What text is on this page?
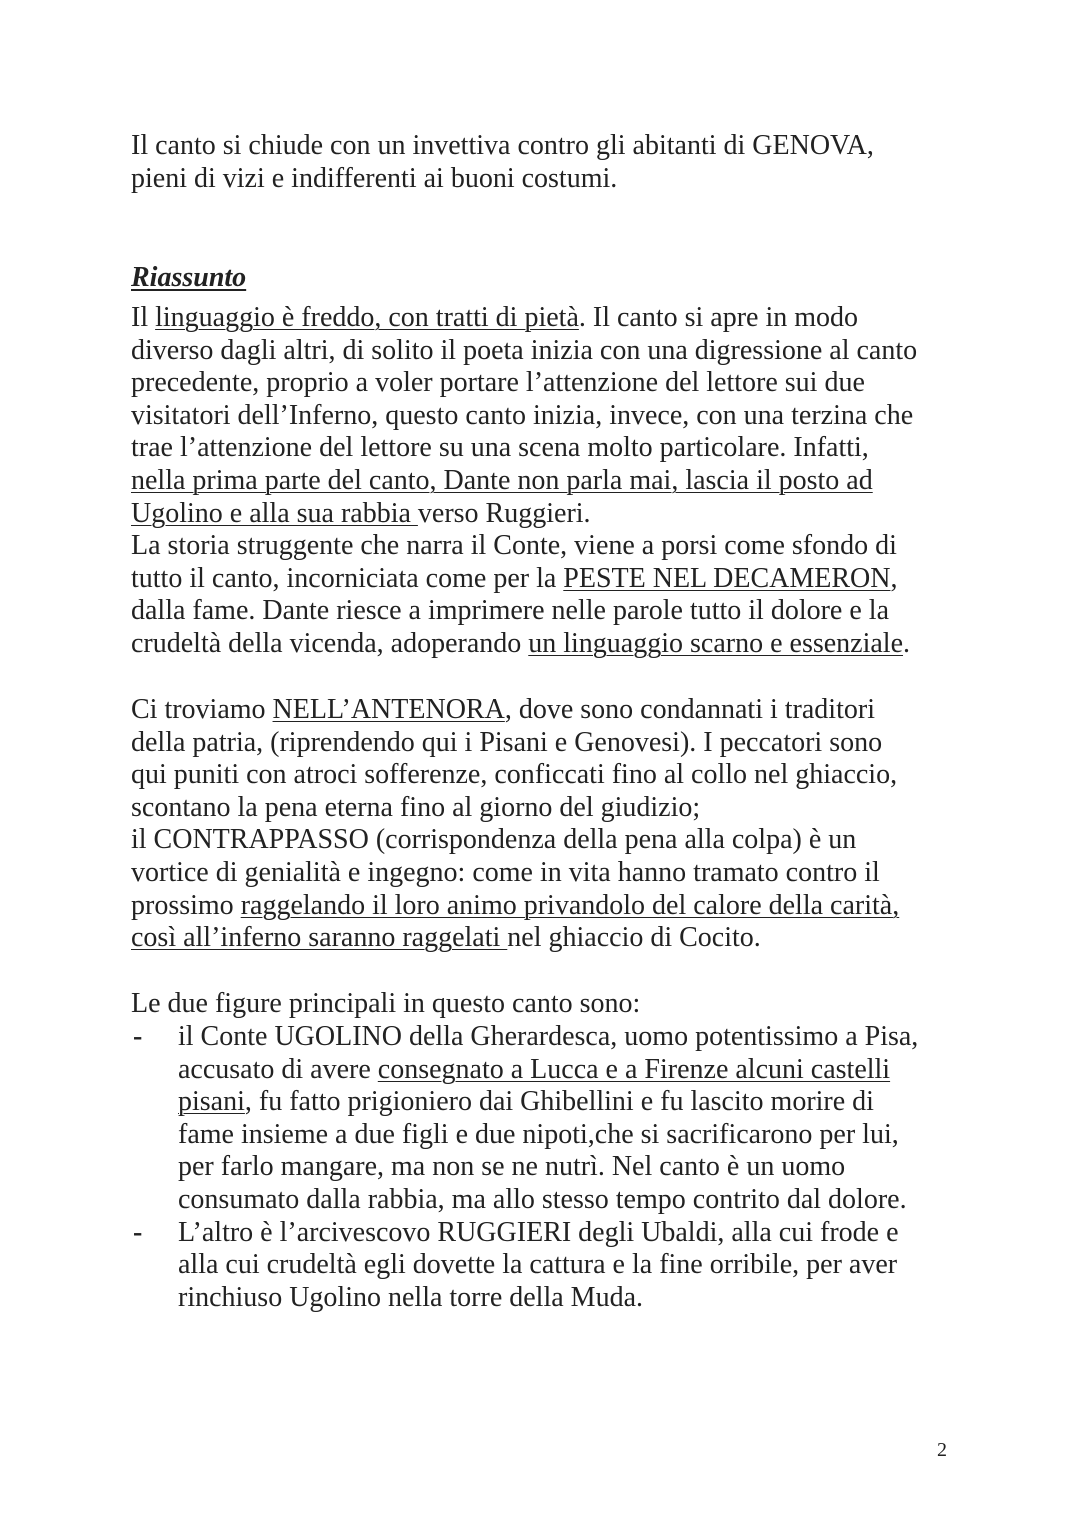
Il canto si chiude con un invettiva contro gli abitanti di GENOVA,
pieni di vizi e indifferenti ai buoni costumi.
Riassunto
Il linguaggio è freddo, con tratti di pietà. Il canto si apre in modo
diverso dagli altri, di solito il poeta inizia con una digressione al canto
precedente, proprio a voler portare l’attenzione del lettore sui due
visitatori dell’Inferno, questo canto inizia, invece, con una terzina che
trae l’attenzione del lettore su una scena molto particolare. Infatti,
nella prima parte del canto, Dante non parla mai, lascia il posto ad
Ugolino e alla sua rabbia verso Ruggieri.
La storia struggente che narra il Conte, viene a porsi come sfondo di
tutto il canto, incorniciata come per la PESTE NEL DECAMERON,
dalla fame. Dante riesce a imprimere nelle parole tutto il dolore e la
crudeltà della vicenda, adoperando un linguaggio scarno e essenziale.
Ci troviamo NELL’ANTENORA, dove sono condannati i traditori
della patria, (riprendendo qui i Pisani e Genovesi). I peccatori sono
qui puniti con atroci sofferenze, conficcati fino al collo nel ghiaccio,
scontano la pena eterna fino al giorno del giudizio;
il CONTRAPPASSO (corrispondenza della pena alla colpa) è un
vortice di genialità e ingegno: come in vita hanno tramato contro il
prossimo raggelando il loro animo privandolo del calore della carità,
così all’inferno saranno raggelati nel ghiaccio di Cocito.
Le due figure principali in questo canto sono:
- il Conte UGOLINO della Gherardesca, uomo potentissimo a Pisa,
accusato di avere consegnato a Lucca e a Firenze alcuni castelli
pisani, fu fatto prigioniero dai Ghibellini e fu lascito morire di
fame insieme a due figli e due nipoti,che si sacrificarono per lui,
per farlo mangare, ma non se ne nutrì. Nel canto è un uomo
consumato dalla rabbia, ma allo stesso tempo contrito dal dolore.
- L’altro è l’arcivescovo RUGGIERI degli Ubaldi, alla cui frode e
alla cui crudeltà egli dovette la cattura e la fine orribile, per aver
rinchiuso Ugolino nella torre della Muda.
2
